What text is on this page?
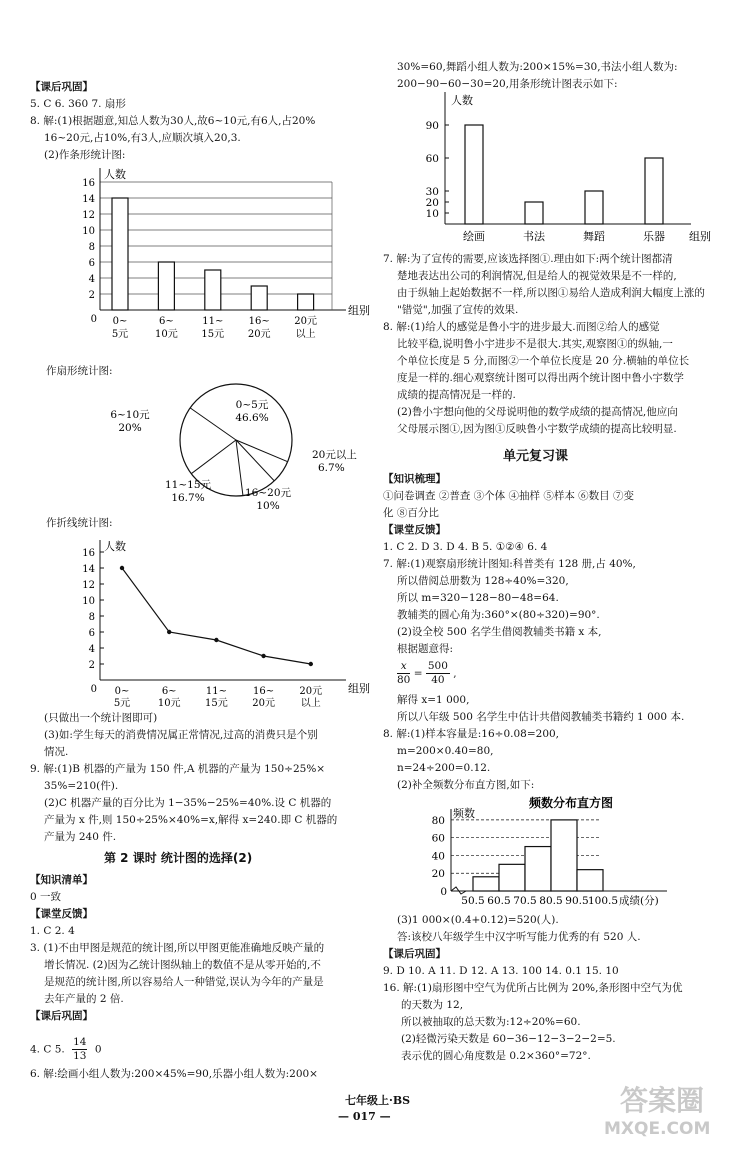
【课后巩固】
5. C 6. 360 7. 扇形
8. 解:(1)根据题意,知总人数为30人,故6~10元,有6人,占20%
16~20元,占10%,有3人,应顺次填入20,3.
(2)作条形统计图:
2
4
6
8
10
12
14
16
0
人数
组别
0~
5元
6~
10元
11~
15元
16~
20元
20元
以上
作扇形统计图:
0~5元
46.6%
20元以上
6.7%
16~20元
10%
11~15元
16.7%
6~10元
20%
作折线统计图:
2
4
6
8
10
12
14
16
0
人数
组别
0~
5元
6~
10元
11~
15元
16~
20元
20元
以上
(只做出一个统计图即可)
(3)如:学生每天的消费情况属正常情况,过高的消费只是个别
情况.
9. 解:(1)B 机器的产量为 150 件,A 机器的产量为 150÷25%×
35%=210(件).
(2)C 机器产量的百分比为 1−35%−25%=40%.设 C 机器的
产量为 x 件,则 150÷25%×40%=x,解得 x=240.即 C 机器的
产量为 240 件.
第 2 课时 统计图的选择(2)
【知识清单】
0 一致
【课堂反馈】
1. C 2. 4
3. (1)不由甲图是规范的统计图,所以甲图更能准确地反映产量的
增长情况. (2)因为乙统计图纵轴上的数值不是从零开始的,不
是规范的统计图,所以容易给人一种错觉,误认为今年的产量是
去年产量的 2 倍.
【课后巩固】
4. C 5. $\frac{14}{13} 0$
6. 解:绘画小组人数为:200×45%=90,乐器小组人数为:200×
30%=60,舞蹈小组人数为:200×15%=30,书法小组人数为:
200−90−60−30=20,用条形统计图表示如下:
10
20
30
60
90
人数
组别
绘画	书法	舞蹈	乐器
7. 解:为了宣传的需要,应该选择图①.理由如下:两个统计图都清
楚地表达出公司的利润情况,但是给人的视觉效果是不一样的,
由于纵轴上起始数据不一样,所以图①易给人造成利润大幅度上涨的
"错觉",加强了宣传的效果.
8. 解:(1)给人的感觉是鲁小宇的进步最大.而图②给人的感觉
比较平稳,说明鲁小宇进步不是很大.其实,观察图①的纵轴,一
个单位长度是 5 分,而图②一个单位长度是 20 分.横轴的单位长
度是一样的.细心观察统计图可以得出两个统计图中鲁小宇数学
成绩的提高情况是一样的.
(2)鲁小宇想向他的父母说明他的数学成绩的提高情况,他应向
父母展示图①,因为图①反映鲁小宇数学成绩的提高比较明显.
单元复习课
【知识梳理】
①问卷调查 ②普查 ③个体 ④抽样 ⑤样本 ⑥数目 ⑦变
化 ⑧百分比
【课堂反馈】
1. C 2. D 3. D 4. B 5. ①②④ 6. 4
7. 解:(1)观察扇形统计图知:科普类有 128 册,占 40%,
所以借阅总册数为 128÷40%=320,
所以 m=320−128−80−48=64.
教辅类的圆心角为:360°×(80÷320)=90°.
(2)设全校 500 名学生借阅教辅类书籍 x 本,
根据题意得:
$\frac{x}{80} = \frac{500}{40}$ ,
解得 x=1 000,
所以八年级 500 名学生中估计共借阅教辅类书籍约 1 000 本.
8. 解:(1)样本容量是:16÷0.08=200,
m=200×0.40=80,
n=24÷200=0.12.
(2)补全频数分布直方图,如下:
频数分布直方图
频数
20
40
60
80
0
50.5 60.5 70.5 80.5 90.5 100.5 成绩(分)
(3)1 000×(0.4+0.12)=520(人).
答:该校八年级学生中汉字听写能力优秀的有 520 人.
【课后巩固】
9. D 10. A 11. D 12. A 13. 100 14. 0.1 15. 10
16. 解:(1)扇形图中空气为优所占比例为 20%,条形图中空气为优
的天数为 12,
所以被抽取的总天数为:12÷20%=60.
(2)轻微污染天数是 60−36−12−3−2−2=5.
表示优的圆心角度数是 0.2×360°=72°.
七年级上·BS
— 017 —	答案圈
MXQE.COM
